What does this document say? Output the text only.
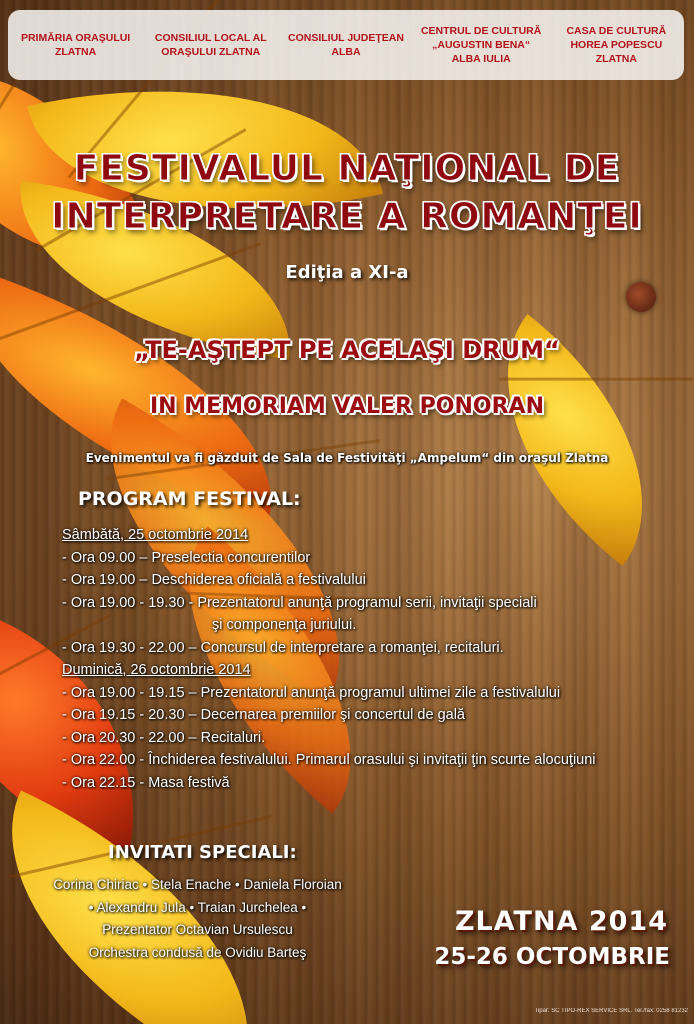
PRIMĂRIA ORAŞULUI
ZLATNA
CONSILIUL LOCAL AL
ORAŞULUI ZLATNA
CONSILIUL JUDEŢEAN
ALBA
CENTRUL DE CULTURĂ
„AUGUSTIN BENA“
ALBA IULIA
CASA DE CULTURĂ
HOREA POPESCU
ZLATNA
FESTIVALUL NAŢIONAL DE
INTERPRETARE A ROMANŢEI
Ediţia a XI-a
„TE-AŞTEPT PE ACELAŞI DRUM“
IN MEMORIAM VALER PONORAN
Evenimentul va fi găzduit de Sala de Festivităţi „Ampelum“ din oraşul Zlatna
PROGRAM FESTIVAL:
Sâmbătă, 25 octombrie 2014
- Ora 09.00 – Preselectia concurentilor
- Ora 19.00 – Deschiderea oficială a festivalului
- Ora 19.00 - 19.30 - Prezentatorul anunţă programul serii, invitaţii speciali
şi componenţa juriului.
- Ora 19.30 - 22.00 – Concursul de interpretare a romanţei, recitaluri.
Duminică, 26 octombrie 2014
- Ora 19.00 - 19.15 – Prezentatorul anunţă programul ultimei zile a festivalului
- Ora 19.15 - 20.30 – Decernarea premiilor şi concertul de gală
- Ora 20.30 - 22.00 – Recitaluri.
- Ora 22.00 - Închiderea festivalului. Primarul orasului şi invitaţii ţin scurte alocuţiuni
- Ora 22.15 - Masa festivă
INVITATI SPECIALI:
Corina Chiriac • Stela Enache • Daniela Floroian
• Alexandru Jula • Traian Jurchelea •
Prezentator Octavian Ursulescu
Orchestra condusă de Ovidiu Barteş
ZLATNA 2014
25-26 OCTOMBRIE
Tipar: SC TIPO-REX SERVICE SRL. Tel./fax: 0258 81232
